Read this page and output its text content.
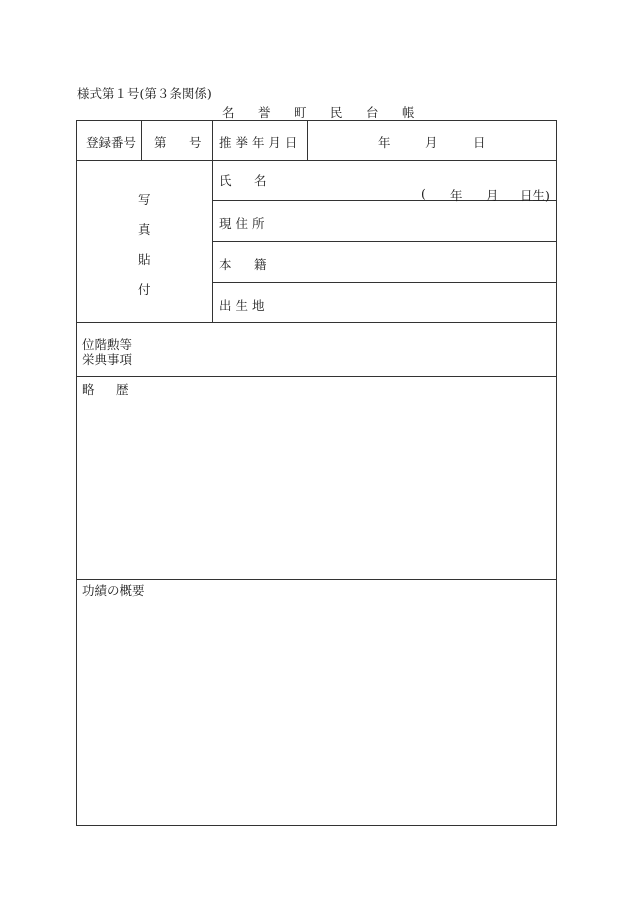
様式第１号(第３条関係)
名 誉 町 民 台 帳
登録番号 第 号 推 挙 年 月 日	年	月	日
写
真
貼
付
氏 名
( 年 月 日生)
現 住 所
本 籍
出 生 地
位階勲等
栄典事項
略 歴
功績の概要
